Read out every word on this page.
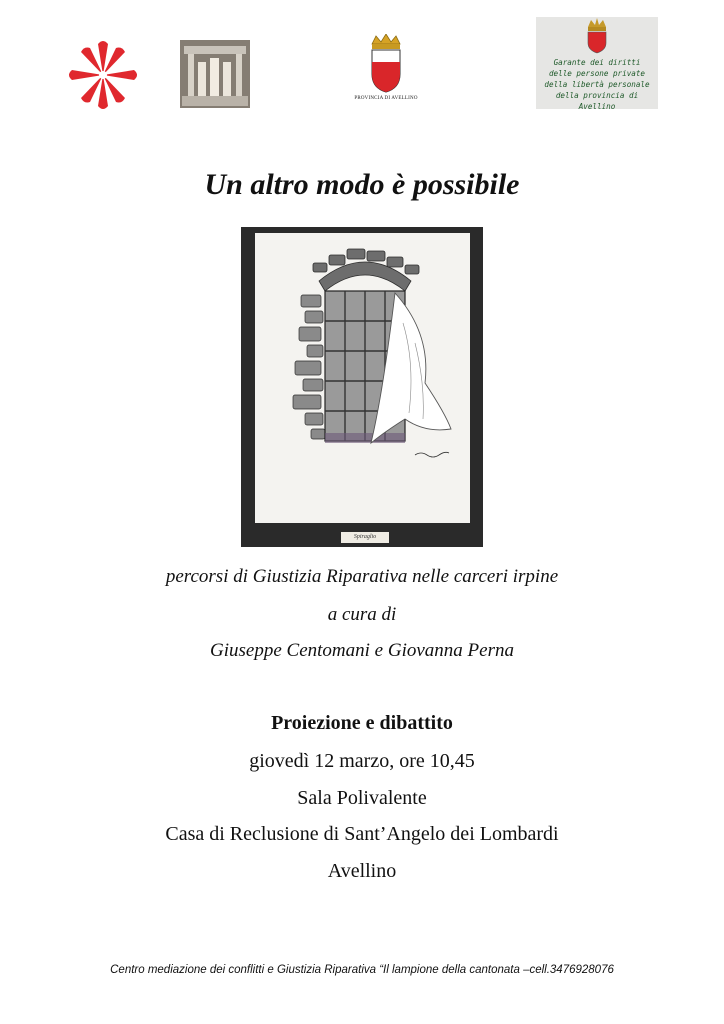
PROVINCIA DI AVELLINO
Garante dei diritti
delle persone private
della libertà personale
della provincia di Avellino
Un altro modo è possibile
Spiraglio
percorsi di Giustizia Riparativa nelle carceri irpine
a cura di
Giuseppe Centomani e Giovanna Perna
Proiezione e dibattito
giovedì 12 marzo, ore 10,45
Sala Polivalente
Casa di Reclusione di Sant’Angelo dei Lombardi
Avellino
Centro mediazione dei conflitti e Giustizia Riparativa “Il lampione della cantonata –cell.3476928076
